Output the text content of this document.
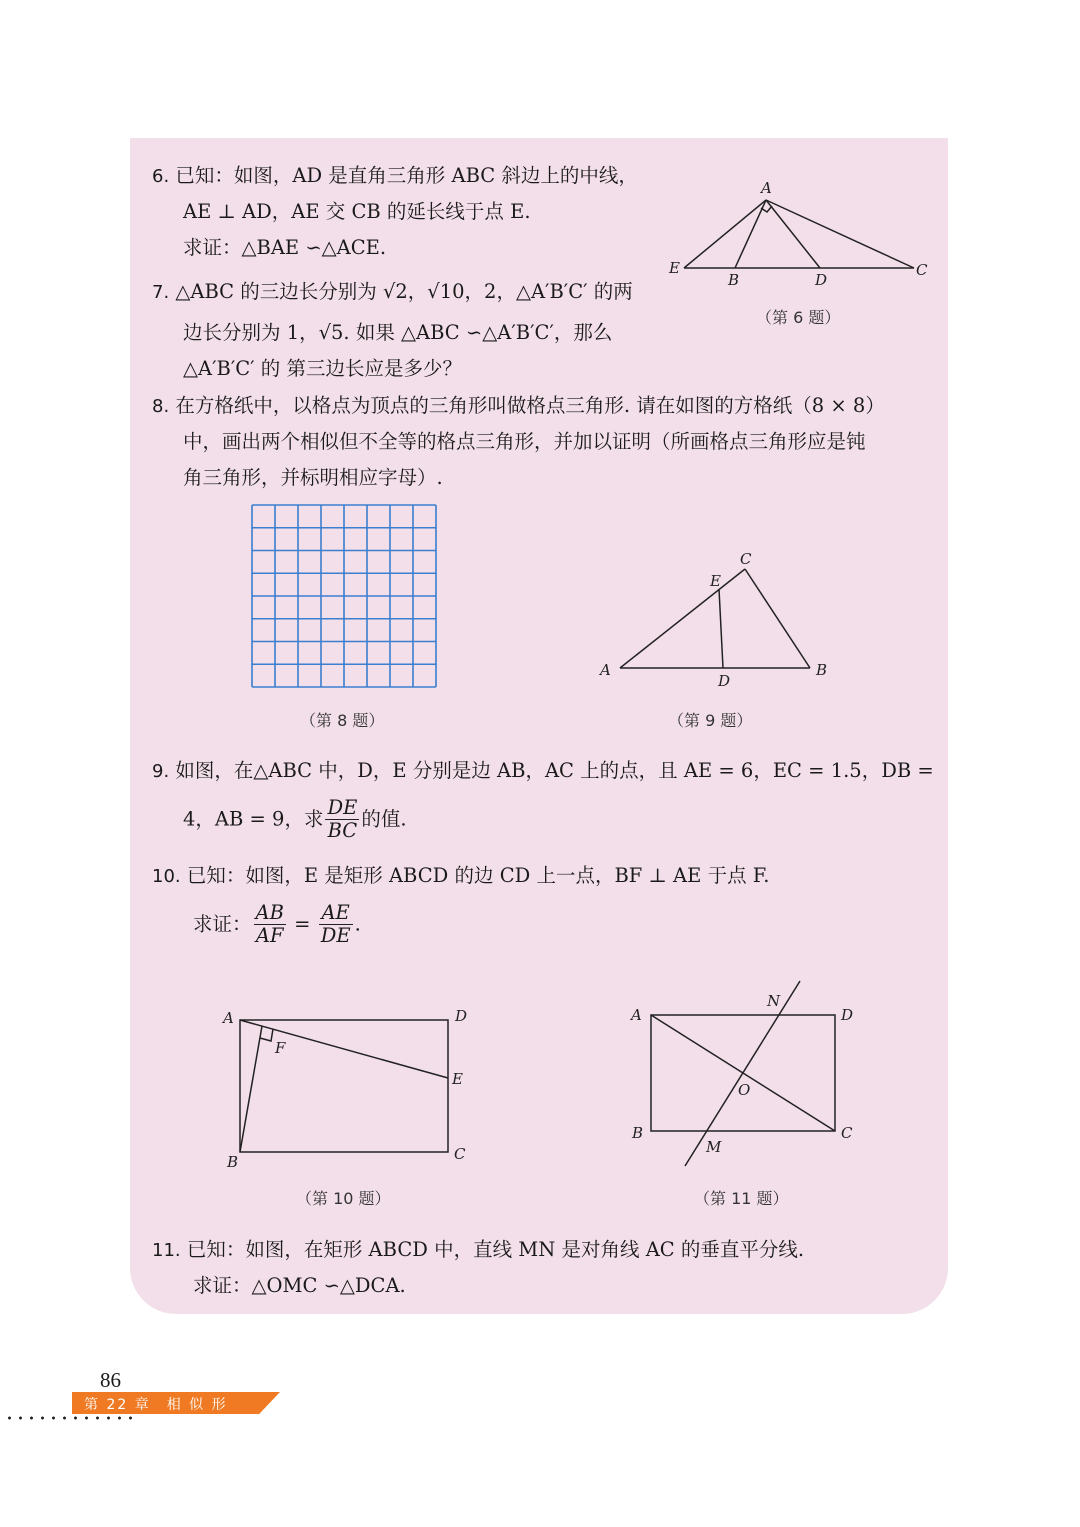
6. 已知：如图，AD 是直角三角形 ABC 斜边上的中线，
AE ⊥ AD，AE 交 CB 的延长线于点 E.
求证：△BAE ∽△ACE.
A
E
B	D
C
（第 6 题）
7. △ABC 的三边长分别为 √2，√10，2，△A′B′C′ 的两
边长分别为 1，√5. 如果 △ABC ∽△A′B′C′，那么
△A′B′C′ 的 第三边长应是多少？
8. 在方格纸中，以格点为顶点的三角形叫做格点三角形. 请在如图的方格纸（8 × 8）
中，画出两个相似但不全等的格点三角形，并加以证明（所画格点三角形应是钝
角三角形，并标明相应字母）.
（第 8 题）
C
E
A
D
B
（第 9 题）
9. 如图，在△ABC 中，D，E 分别是边 AB，AC 上的点，且 AE = 6，EC = 1.5，DB =
4，AB = 9，求 $\frac{DE}{BC}$ 的值.
10. 已知：如图，E 是矩形 ABCD 的边 CD 上一点，BF ⊥ AE 于点 F.
求证： $\frac{AB}{AF} = \frac{AE}{DE}$ .
A	D
F
E
B	C
（第 10 题）
A
N
D
O
B
M
C
（第 11 题）
11. 已知：如图，在矩形 ABCD 中，直线 MN 是对角线 AC 的垂直平分线.
求证：△OMC ∽△DCA.
86
第 22 章　相 似 形
